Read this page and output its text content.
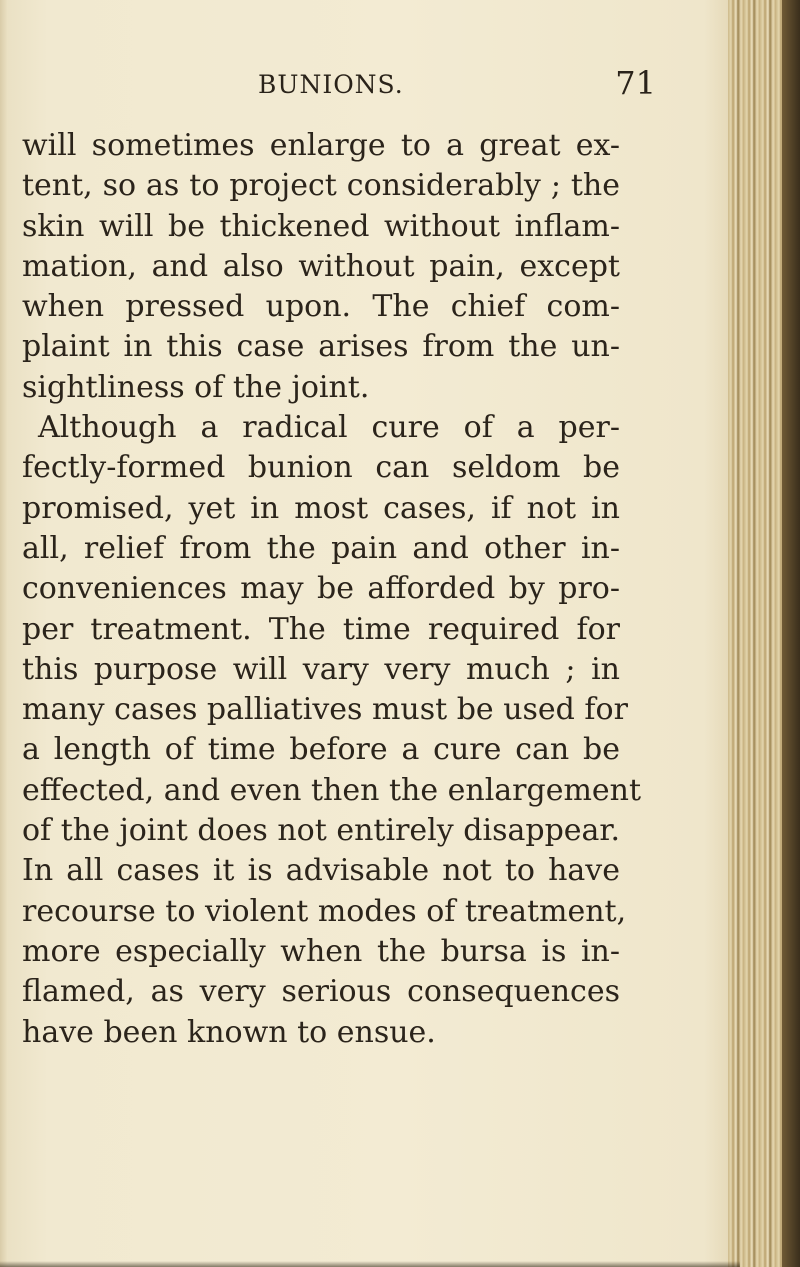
BUNIONS.	71
will sometimes enlarge to a great ex-
tent, so as to project considerably ; the
skin will be thickened without inflam-
mation, and also without pain, except
when pressed upon. The chief com-
plaint in this case arises from the un-
sightliness of the joint.
Although a radical cure of a per-
fectly-formed bunion can seldom be
promised, yet in most cases, if not in
all, relief from the pain and other in-
conveniences may be afforded by pro-
per treatment. The time required for
this purpose will vary very much ; in
many cases palliatives must be used for
a length of time before a cure can be
effected, and even then the enlargement
of the joint does not entirely disappear.
In all cases it is advisable not to have
recourse to violent modes of treatment,
more especially when the bursa is in-
flamed, as very serious consequences
have been known to ensue.
